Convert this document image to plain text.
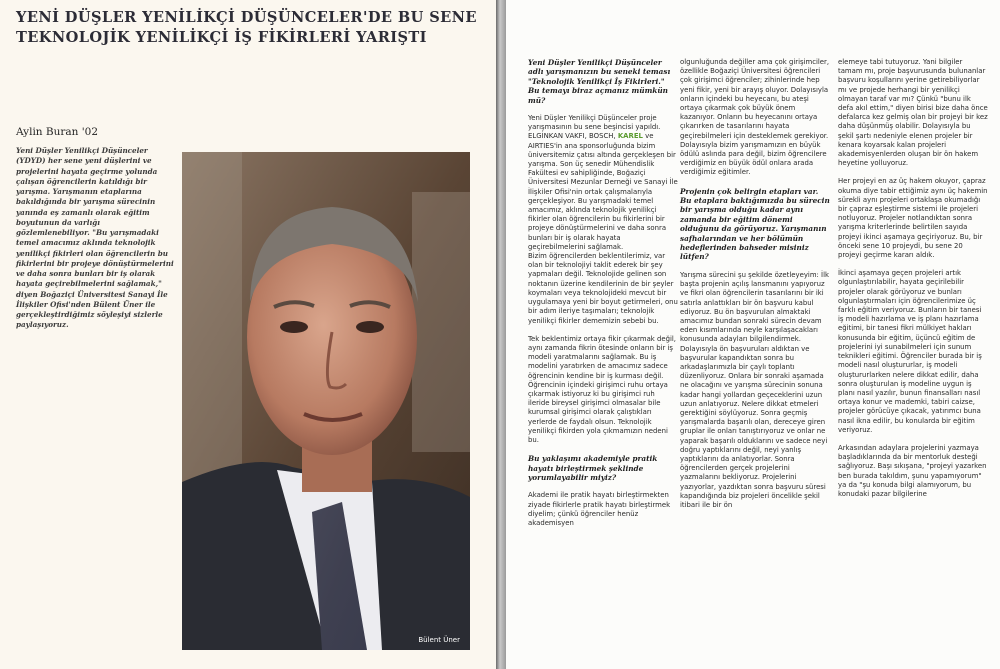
YENİ DÜŞLER YENİLİKÇİ DÜŞÜNCELER'DE BU SENE
TEKNOLOJİK YENİLİKÇİ İŞ FİKİRLERİ YARIŞTI
Aylin Buran '02
Yeni Düşler Yenilikçi Düşünceler (YDYD) her sene yeni düşlerini ve projelerini hayata geçirme yolunda çalışan öğrencilerin katıldığı bir yarışma. Yarışmanın etaplarına bakıldığında bir yarışma sürecinin yanında eş zamanlı olarak eğitim boyutunun da varlığı gözlemlenebiliyor. "Bu yarışmadaki temel amacımız aklında teknolojik yenilikçi fikirleri olan öğrencilerin bu fikirlerini bir projeye dönüştürmelerini ve daha sonra bunları bir iş olarak hayata geçirebilmelerini sağlamak," diyen Boğaziçi Üniversitesi Sanayi İle İlişkiler Ofisi'nden Bülent Üner ile gerçekleştirdiğimiz söyleşiyi sizlerle paylaşıyoruz.
Bülent Üner
Yeni Düşler Yenilikçi Düşünceler adlı yarışmanızın bu seneki teması "Teknolojik Yenilikçi İş Fikirleri." Bu temayı biraz açmanız mümkün mü?

Yeni Düşler Yenilikçi Düşünceler proje yarışmasının bu sene beşincisi yapıldı. ELGİNKAN VAKFI, BOSCH, KAREL ve AIRTIES'in ana sponsorluğunda bizim üniversitemiz çatısı altında gerçekleşen bir yarışma. Son üç senedir Mühendislik Fakültesi ev sahipliğinde, Boğaziçi Üniversitesi Mezunlar Derneği ve Sanayi İle İlişkiler Ofisi'nin ortak çalışmalarıyla gerçekleşiyor. Bu yarışmadaki temel amacımız, aklında teknolojik yenilikçi fikirler olan öğrencilerin bu fikirlerini bir projeye dönüştürmelerini ve daha sonra bunları bir iş olarak hayata geçirebilmelerini sağlamak.
Bizim öğrencilerden beklentilerimiz, var olan bir teknolojiyi taklit ederek bir şey yapmaları değil. Teknolojide gelinen son noktanın üzerine kendilerinin de bir şeyler koymaları veya teknolojideki mevcut bir uygulamaya yeni bir boyut getirmeleri, onu bir adım ileriye taşımaları; teknolojik yenilikçi fikirler dememizin sebebi bu.

Tek beklentimiz ortaya fikir çıkarmak değil, aynı zamanda fikrin ötesinde onların bir iş modeli yaratmalarını sağlamak. Bu iş modelini yaratırken de amacımız sadece öğrencinin kendine bir iş kurması değil. Öğrencinin içindeki girişimci ruhu ortaya çıkarmak istiyoruz ki bu girişimci ruh ileride bireysel girişimci olmasalar bile kurumsal girişimci olarak çalıştıkları yerlerde de faydalı olsun. Teknolojik yenilikçi fikirden yola çıkmamızın nedeni bu.

Bu yaklaşımı akademiyle pratik hayatı birleştirmek şeklinde yorumlayabilir miyiz?

Akademi ile pratik hayatı birleştirmekten ziyade fikirlerle pratik hayatı birleştirmek diyelim; çünkü öğrenciler henüz akademisyen

olgunluğunda değiller ama çok girişimciler, özellikle Boğaziçi Üniversitesi öğrencileri çok girişimci öğrenciler; zihinlerinde hep yeni fikir, yeni bir arayış oluyor. Dolayısıyla onların içindeki bu heyecanı, bu ateşi ortaya çıkarmak çok büyük önem kazanıyor. Onların bu heyecanını ortaya çıkarırken de tasarılarını hayata geçirebilmeleri için desteklemek gerekiyor. Dolayısıyla bizim yarışmamızın en büyük ödülü aslında para değil, bizim öğrencilere verdiğimiz en büyük ödül onlara arada verdiğimiz eğitimler.

Projenin çok belirgin etapları var. Bu etaplara baktığımızda bu sürecin bir yarışma olduğu kadar aynı zamanda bir eğitim dönemi olduğunu da görüyoruz. Yarışmanın safhalarından ve her bölümün hedeflerinden bahseder misiniz lütfen?

Yarışma sürecini şu şekilde özetleyeyim: İlk başta projenin açılış lansmanını yapıyoruz ve fikri olan öğrencilerin tasarılarını bir iki satırla anlattıkları bir ön başvuru kabul ediyoruz. Bu ön başvurulan almaktaki amacımız bundan sonraki sürecin devam eden kısımlarında neyle karşılaşacakları konusunda adayları bilgilendirmek. Dolayısıyla ön başvuruları aldıktan ve başvurular kapandıktan sonra bu arkadaşlarımızla bir çaylı toplantı düzenliyoruz. Onlara bir sonraki aşamada ne olacağını ve yarışma sürecinin sonuna kadar hangi yollardan geçeceklerini uzun uzun anlatıyoruz. Nelere dikkat etmeleri gerektiğini söylüyoruz. Sonra geçmiş yarışmalarda başarılı olan, dereceye giren gruplar ile onları tanıştırıyoruz ve onlar ne yaparak başarılı olduklarını ve sadece neyi doğru yaptıklarını değil, neyi yanlış yaptıklarını da anlatıyorlar. Sonra öğrencilerden gerçek projelerini yazmalarını bekliyoruz. Projelerini yazıyorlar, yazdıktan sonra başvuru süresi kapandığında biz projeleri öncelikle şekil itibari ile bir ön

elemeye tabi tutuyoruz. Yani bilgiler tamam mı, proje başvurusunda bulunanlar başvuru koşullarını yerine getirebiliyorlar mı ve projede herhangi bir yenilikçi olmayan taraf var mı? Çünkü "bunu ilk defa akıl ettim," diyen birisi bize daha önce defalarca kez gelmiş olan bir projeyi bir kez daha düşünmüş olabilir. Dolayısıyla bu şekil şartı nedeniyle elenen projeler bir kenara koyarsak kalan projeleri akademisyenlerden oluşan bir ön hakem heyetine yolluyoruz.

Her projeyi en az üç hakem okuyor, çapraz okuma diye tabir ettiğimiz aynı üç hakemin sürekli aynı projeleri ortaklaşa okumadığı bir çapraz eşleştirme sistemi ile projeleri notluyoruz. Projeler notlandıktan sonra yarışma kriterlerinde belirtilen sayıda projeyi ikinci aşamaya geçiriyoruz. Bu, bir önceki sene 10 projeydi, bu sene 20 projeyi geçirme kararı aldık.

İkinci aşamaya geçen projeleri artık olgunlaştırılabilir, hayata geçirilebilir projeler olarak görüyoruz ve bunları olgunlaştırmaları için öğrencilerimize üç farklı eğitim veriyoruz. Bunların bir tanesi iş modeli hazırlama ve iş planı hazırlama eğitimi, bir tanesi fikri mülkiyet hakları konusunda bir eğitim, üçüncü eğitim de projelerini iyi sunabilmeleri için sunum teknikleri eğitimi. Öğrenciler burada bir iş modeli nasıl oluştururlar, iş modeli oluştururlarken nelere dikkat edilir, daha sonra oluşturulan iş modeline uygun iş planı nasıl yazılır, bunun finansalları nasıl ortaya konur ve mademki, tabiri caizse, projeler görücüye çıkacak, yatırımcı buna nasıl ikna edilir, bu konularda bir eğitim veriyoruz.

Arkasından adaylara projelerini yazmaya başladıklarında da bir mentorluk desteği sağlıyoruz. Başı sıkışana, "projeyi yazarken ben burada takıldım, şunu yapamıyorum" ya da "şu konuda bilgi alamıyorum, bu konudaki pazar bilgilerine
